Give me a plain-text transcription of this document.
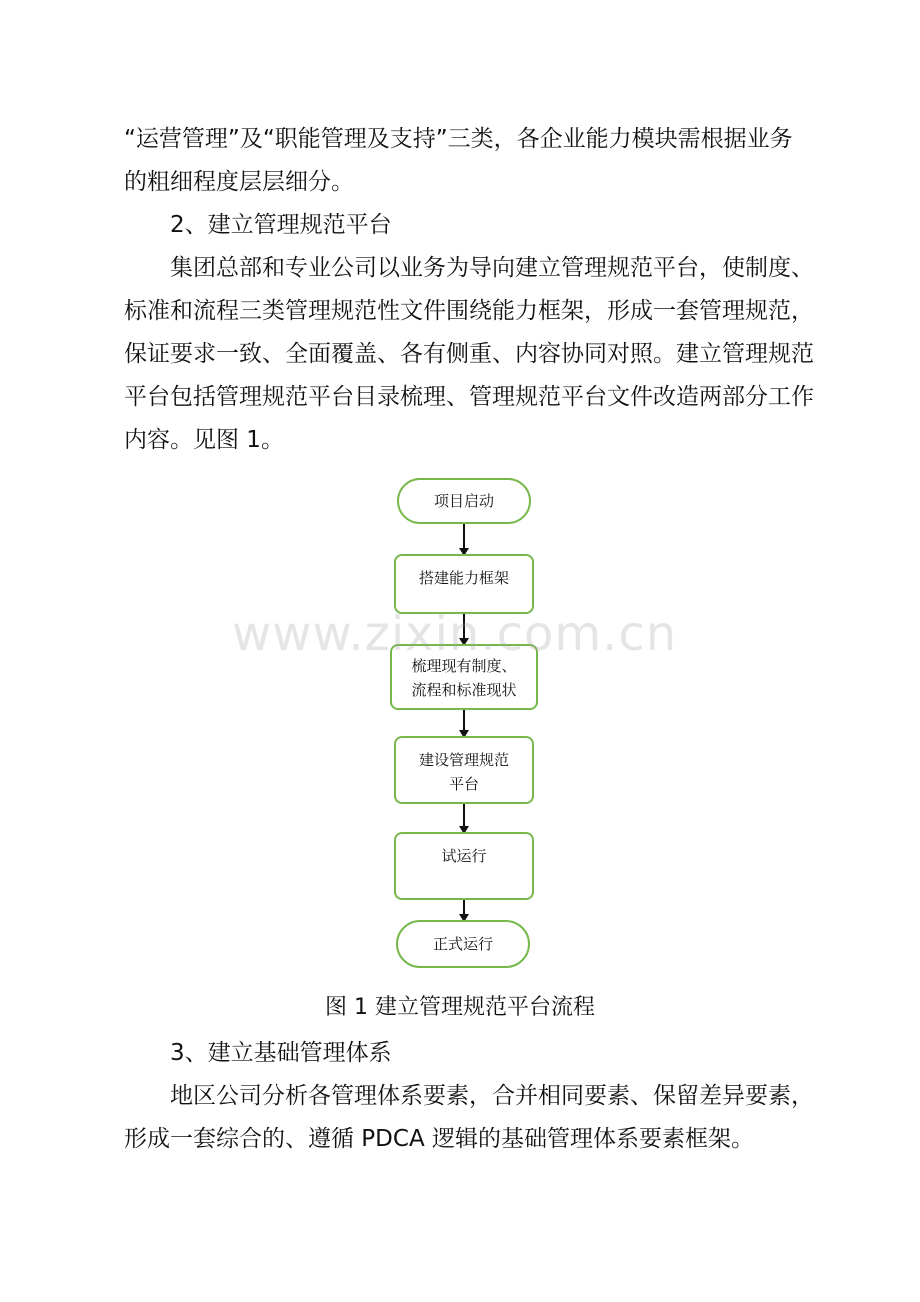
“运营管理”及“职能管理及支持”三类，各企业能力模块需根据业务
的粗细程度层层细分。
2、建立管理规范平台

集团总部和专业公司以业务为导向建立管理规范平台，使制度、标准和流程三类管理规范性文件围绕能力框架，形成一套管理规范，保证要求一致、全面覆盖、各有侧重、内容协同对照。建立管理规范平台包括管理规范平台目录梳理、管理规范平台文件改造两部分工作内容。见图 1。

项目启动
搭建能力框架
梳理现有制度、
流程和标准现状
建设管理规范
平台
试运行
正式运行
www.zixin.com.cn
图 1 建立管理规范平台流程
3、建立基础管理体系

地区公司分析各管理体系要素，合并相同要素、保留差异要素，形成一套综合的、遵循 PDCA 逻辑的基础管理体系要素框架。
